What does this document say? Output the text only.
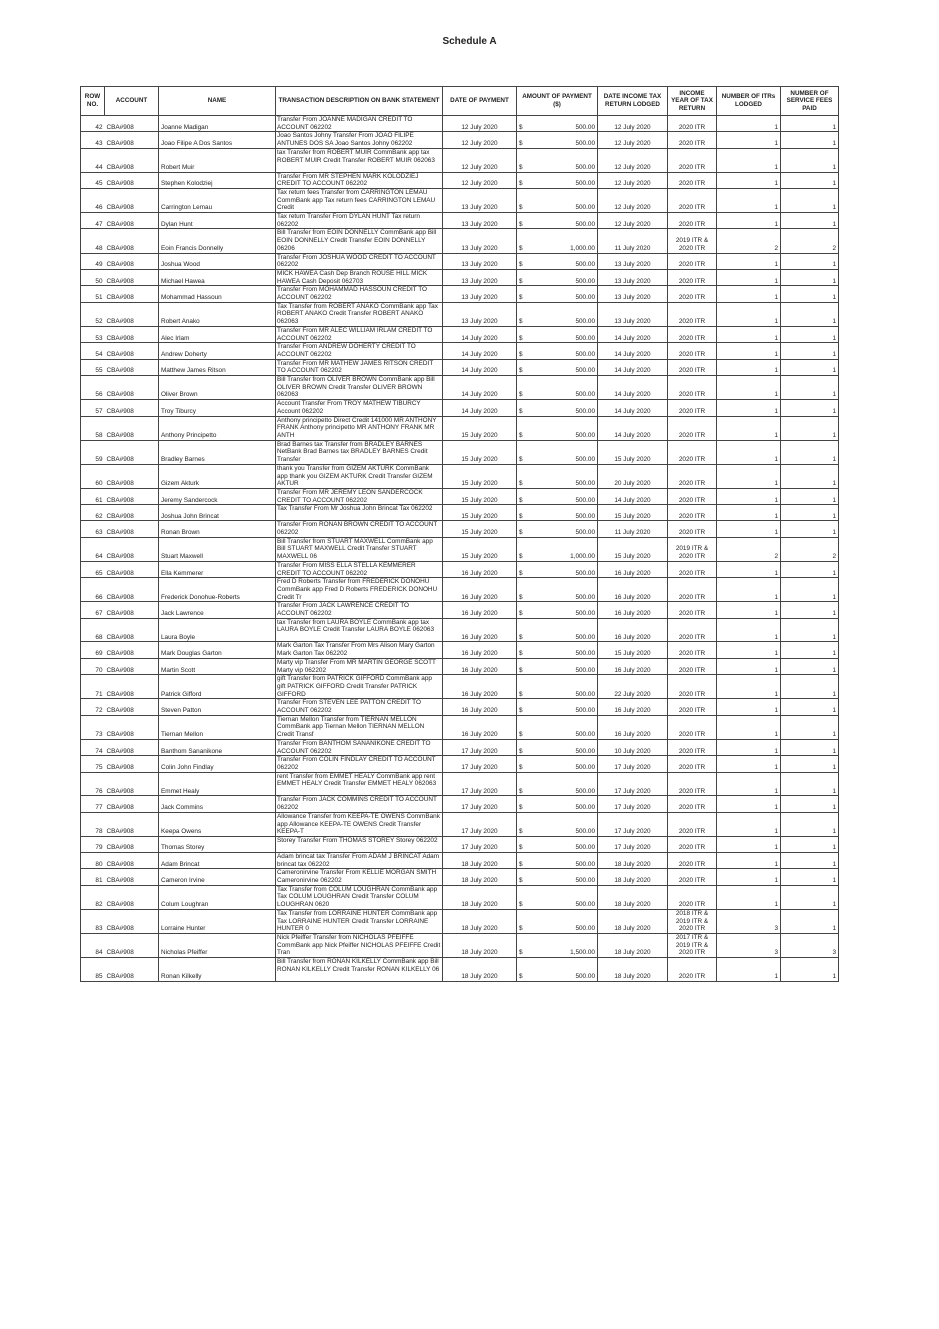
Schedule A
ROW NO.	ACCOUNT	NAME	TRANSACTION DESCRIPTION ON BANK STATEMENT	DATE OF PAYMENT	AMOUNT OF PAYMENT ($)	DATE INCOME TAX RETURN LODGED	INCOME YEAR OF TAX RETURN	NUMBER OF ITRs LODGED	NUMBER OF SERVICE FEES PAID
42	CBA#908	Joanne Madigan	Transfer From JOANNE MADIGAN CREDIT TO ACCOUNT 062202	12 July 2020	$ 500.00	12 July 2020	2020 ITR	1	1
43	CBA#908	Joao Filipe A Dos Santos	Joao Santos Johny Transfer From JOAO FILIPE ANTUNES DOS SA Joao Santos Johny 062202	12 July 2020	$ 500.00	12 July 2020	2020 ITR	1	1
44	CBA#908	Robert Muir	tax Transfer from ROBERT MUIR CommBank app tax ROBERT MUIR Credit Transfer ROBERT MUIR 062063	12 July 2020	$ 500.00	12 July 2020	2020 ITR	1	1
45	CBA#908	Stephen Kolodziej	Transfer From MR STEPHEN MARK KOLODZIEJ CREDIT TO ACCOUNT 062202	12 July 2020	$ 500.00	12 July 2020	2020 ITR	1	1
46	CBA#908	Carrington Lemau	Tax return fees Transfer from CARRINGTON LEMAU CommBank app Tax return fees CARRINGTON LEMAU Credit	13 July 2020	$ 500.00	12 July 2020	2020 ITR	1	1
47	CBA#908	Dylan Hunt	Tax return Transfer From DYLAN HUNT Tax return 062202	13 July 2020	$ 500.00	12 July 2020	2020 ITR	1	1
48	CBA#908	Eoin Francis Donnelly	Bill Transfer from EOIN DONNELLY CommBank app Bill EOIN DONNELLY Credit Transfer EOIN DONNELLY 06206	13 July 2020	$ 1,000.00	11 July 2020	2019 ITR & 2020 ITR	2	2
49	CBA#908	Joshua Wood	Transfer From JOSHUA WOOD CREDIT TO ACCOUNT 062202	13 July 2020	$ 500.00	13 July 2020	2020 ITR	1	1
50	CBA#908	Michael Hawea	MICK HAWEA Cash Dep Branch ROUSE HILL MICK HAWEA Cash Deposit 062703	13 July 2020	$ 500.00	13 July 2020	2020 ITR	1	1
51	CBA#908	Mohammad Hassoun	Transfer From MOHAMMAD HASSOUN CREDIT TO ACCOUNT 062202	13 July 2020	$ 500.00	13 July 2020	2020 ITR	1	1
52	CBA#908	Robert Anako	Tax Transfer from ROBERT ANAKO CommBank app Tax ROBERT ANAKO Credit Transfer ROBERT ANAKO 062063	13 July 2020	$ 500.00	13 July 2020	2020 ITR	1	1
53	CBA#908	Alec Irlam	Transfer From MR ALEC WILLIAM IRLAM CREDIT TO ACCOUNT 062202	14 July 2020	$ 500.00	14 July 2020	2020 ITR	1	1
54	CBA#908	Andrew Doherty	Transfer From ANDREW DOHERTY CREDIT TO ACCOUNT 062202	14 July 2020	$ 500.00	14 July 2020	2020 ITR	1	1
55	CBA#908	Matthew James Ritson	Transfer From MR MATHEW JAMES RITSON CREDIT TO ACCOUNT 062202	14 July 2020	$ 500.00	14 July 2020	2020 ITR	1	1
56	CBA#908	Oliver Brown	Bill Transfer from OLIVER BROWN CommBank app Bill OLIVER BROWN Credit Transfer OLIVER BROWN 062063	14 July 2020	$ 500.00	14 July 2020	2020 ITR	1	1
57	CBA#908	Troy Tiburcy	Account Transfer From TROY MATHEW TIBURCY Account 062202	14 July 2020	$ 500.00	14 July 2020	2020 ITR	1	1
58	CBA#908	Anthony Principetto	Anthony principetto Direct Credit 141000 MR ANTHONY FRANK Anthony principetto MR ANTHONY FRANK MR ANTH	15 July 2020	$ 500.00	14 July 2020	2020 ITR	1	1
59	CBA#908	Bradley Barnes	Brad Barnes tax Transfer from BRADLEY BARNES NetBank Brad Barnes tax BRADLEY BARNES Credit Transfer	15 July 2020	$ 500.00	15 July 2020	2020 ITR	1	1
60	CBA#908	Gizem Akturk	thank you Transfer from GIZEM AKTURK CommBank app thank you GIZEM AKTURK Credit Transfer GIZEM AKTUR	15 July 2020	$ 500.00	20 July 2020	2020 ITR	1	1
61	CBA#908	Jeremy Sandercock	Transfer From MR JEREMY LEON SANDERCOCK CREDIT TO ACCOUNT 062202	15 July 2020	$ 500.00	14 July 2020	2020 ITR	1	1
62	CBA#908	Joshua John Brincat	Tax Transfer From Mr Joshua John Brincat Tax 062202	15 July 2020	$ 500.00	15 July 2020	2020 ITR	1	1
63	CBA#908	Ronan Brown	Transfer From RONAN BROWN CREDIT TO ACCOUNT 062202	15 July 2020	$ 500.00	11 July 2020	2020 ITR	1	1
64	CBA#908	Stuart Maxwell	Bill Transfer from STUART MAXWELL CommBank app Bill STUART MAXWELL Credit Transfer STUART MAXWELL 06	15 July 2020	$ 1,000.00	15 July 2020	2019 ITR & 2020 ITR	2	2
65	CBA#908	Ella Kemmerer	Transfer From MISS ELLA STELLA KEMMERER CREDIT TO ACCOUNT 062202	16 July 2020	$ 500.00	16 July 2020	2020 ITR	1	1
66	CBA#908	Frederick Donohue-Roberts	Fred D Roberts Transfer from FREDERICK DONOHU CommBank app Fred D Roberts FREDERICK DONOHU Credit Tr	16 July 2020	$ 500.00	16 July 2020	2020 ITR	1	1
67	CBA#908	Jack Lawrence	Transfer From JACK LAWRENCE CREDIT TO ACCOUNT 062202	16 July 2020	$ 500.00	16 July 2020	2020 ITR	1	1
68	CBA#908	Laura Boyle	tax Transfer from LAURA BOYLE CommBank app tax LAURA BOYLE Credit Transfer LAURA BOYLE 062063	16 July 2020	$ 500.00	16 July 2020	2020 ITR	1	1
69	CBA#908	Mark Douglas Garton	Mark Garton Tax Transfer From Mrs Alison Mary Garton Mark Garton Tax 062202	16 July 2020	$ 500.00	15 July 2020	2020 ITR	1	1
70	CBA#908	Martin Scott	Marty vip Transfer From MR MARTIN GEORGE SCOTT Marty vip 062202	16 July 2020	$ 500.00	16 July 2020	2020 ITR	1	1
71	CBA#908	Patrick Gifford	gift Transfer from PATRICK GIFFORD CommBank app gift PATRICK GIFFORD Credit Transfer PATRICK GIFFORD	16 July 2020	$ 500.00	22 July 2020	2020 ITR	1	1
72	CBA#908	Steven Patton	Transfer From STEVEN LEE PATTON CREDIT TO ACCOUNT 062202	16 July 2020	$ 500.00	16 July 2020	2020 ITR	1	1
73	CBA#908	Tiernan Mellon	Tiernan Mellon Transfer from TIERNAN MELLON CommBank app Tiernan Mellon TIERNAN MELLON Credit Transf	16 July 2020	$ 500.00	16 July 2020	2020 ITR	1	1
74	CBA#908	Banthom Sananikone	Transfer From BANTHOM SANANIKONE CREDIT TO ACCOUNT 062202	17 July 2020	$ 500.00	10 July 2020	2020 ITR	1	1
75	CBA#908	Colin John Findlay	Transfer From COLIN FINDLAY CREDIT TO ACCOUNT 062202	17 July 2020	$ 500.00	17 July 2020	2020 ITR	1	1
76	CBA#908	Emmet Healy	rent Transfer from EMMET HEALY CommBank app rent EMMET HEALY Credit Transfer EMMET HEALY 062063	17 July 2020	$ 500.00	17 July 2020	2020 ITR	1	1
77	CBA#908	Jack Commins	Transfer From JACK COMMINS CREDIT TO ACCOUNT 062202	17 July 2020	$ 500.00	17 July 2020	2020 ITR	1	1
78	CBA#908	Keepa Owens	Allowance Transfer from KEEPA-TE OWENS CommBank app Allowance KEEPA-TE OWENS Credit Transfer KEEPA-T	17 July 2020	$ 500.00	17 July 2020	2020 ITR	1	1
79	CBA#908	Thomas Storey	Storey Transfer From THOMAS STOREY Storey 062202	17 July 2020	$ 500.00	17 July 2020	2020 ITR	1	1
80	CBA#908	Adam Brincat	Adam brincat tax Transfer From ADAM J BRINCAT Adam brincat tax 062202	18 July 2020	$ 500.00	18 July 2020	2020 ITR	1	1
81	CBA#908	Cameron Irvine	Cameronirvine Transfer From KELLIE MORGAN SMITH Cameronirvine 062202	18 July 2020	$ 500.00	18 July 2020	2020 ITR	1	1
82	CBA#908	Colum Loughran	Tax Transfer from COLUM LOUGHRAN CommBank app Tax COLUM LOUGHRAN Credit Transfer COLUM LOUGHRAN 0620	18 July 2020	$ 500.00	18 July 2020	2020 ITR	1	1
83	CBA#908	Lorraine Hunter	Tax Transfer from LORRAINE HUNTER CommBank app Tax LORRAINE HUNTER Credit Transfer LORRAINE HUNTER 0	18 July 2020	$ 500.00	18 July 2020	2018 ITR & 2019 ITR & 2020 ITR	3	1
84	CBA#908	Nicholas Pfeiffer	Nick Pfeiffer Transfer from NICHOLAS PFEIFFE CommBank app Nick Pfeiffer NICHOLAS PFEIFFE Credit Tran	18 July 2020	$ 1,500.00	18 July 2020	2017 ITR & 2019 ITR & 2020 ITR	3	3
85	CBA#908	Ronan Kilkelly	Bill Transfer from RONAN KILKELLY CommBank app Bill RONAN KILKELLY Credit Transfer RONAN KILKELLY 06	18 July 2020	$ 500.00	18 July 2020	2020 ITR	1	1
